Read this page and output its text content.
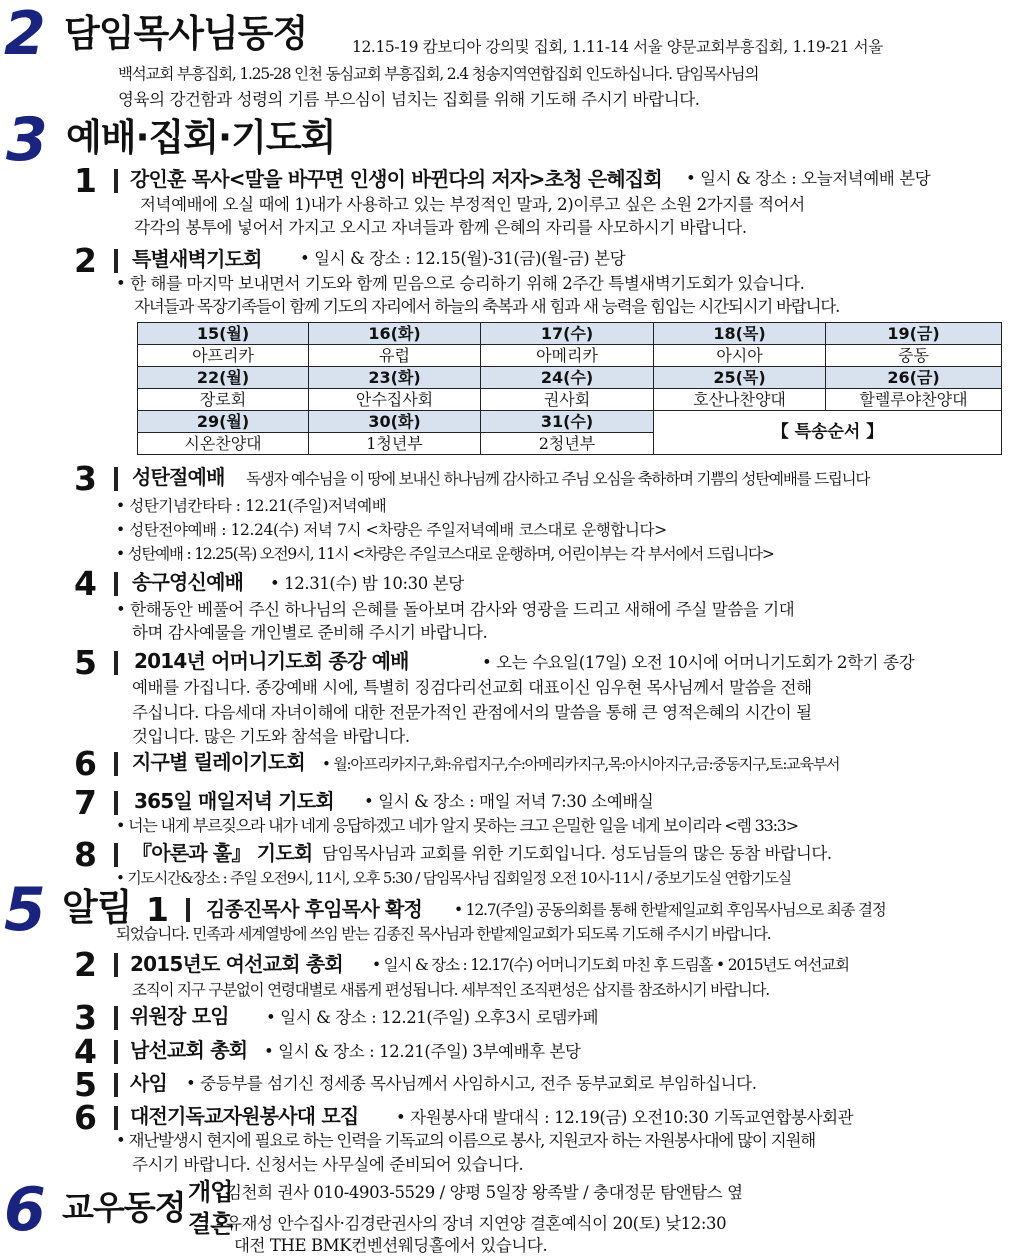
2 담임목사님동정	12.15-19 캄보디아 강의및 집회, 1.11-14 서울 양문교회부흥집회, 1.19-21 서울
백석교회 부흥집회, 1.25-28 인천 동심교회 부흥집회, 2.4 청송지역연합집회 인도하십니다. 담임목사님의
영육의 강건함과 성령의 기름 부으심이 넘치는 집회를 위해 기도해 주시기 바랍니다.
3 예배·집회·기도회
1 강인훈 목사<말을 바꾸면 인생이 바뀐다의 저자>초청 은혜집회 • 일시 & 장소 : 오늘저녁예배 본당
저녁예배에 오실 때에 1)내가 사용하고 있는 부정적인 말과, 2)이루고 싶은 소원 2가지를 적어서
각각의 봉투에 넣어서 가지고 오시고 자녀들과 함께 은혜의 자리를 사모하시기 바랍니다.
2 특별새벽기도회 • 일시 & 장소 : 12.15(월)-31(금)(월-금) 본당
• 한 해를 마지막 보내면서 기도와 함께 믿음으로 승리하기 위해 2주간 특별새벽기도회가 있습니다.
자녀들과 목장기족들이 함께 기도의 자리에서 하늘의 축복과 새 힘과 새 능력을 힘입는 시간되시기 바랍니다.
15(월)	16(화)	17(수)	18(목)	19(금)
아프리카	유럽	아메리카	아시아	중동
22(월)	23(화)	24(수)	25(목)	26(금)
장로회	안수집사회	권사회	호산나찬양대	할렐루야찬양대
29(월)	30(화)	31(수)	【 특송순서 】	
시온찬양대	1청년부	2청년부		
3 성탄절예배 독생자 예수님을 이 땅에 보내신 하나님께 감사하고 주님 오심을 축하하며 기쁨의 성탄예배를 드립니다
• 성탄기념칸타타 : 12.21(주일)저녁예배
• 성탄전야예배 : 12.24(수) 저녁 7시 <차량은 주일저녁예배 코스대로 운행합니다>
• 성탄예배 : 12.25(목) 오전9시, 11시 <차량은 주일코스대로 운행하며, 어린이부는 각 부서에서 드립니다>
4 송구영신예배 • 12.31(수) 밤 10:30 본당
• 한해동안 베풀어 주신 하나님의 은혜를 돌아보며 감사와 영광을 드리고 새해에 주실 말씀을 기대
하며 감사예물을 개인별로 준비해 주시기 바랍니다.
5 2014년 어머니기도회 종강 예배	• 오는 수요일(17일) 오전 10시에 어머니기도회가 2학기 종강
예배를 가집니다. 종강예배 시에, 특별히 징검다리선교회 대표이신 임우현 목사님께서 말씀을 전해
주십니다. 다음세대 자녀이해에 대한 전문가적인 관점에서의 말씀을 통해 큰 영적은혜의 시간이 될
것입니다. 많은 기도와 참석을 바랍니다.
6 지구별 릴레이기도회 • 월:아프리카지구,화:유럽지구,수:아메리카지구,목:아시아지구,금:중동지구,토:교육부서
7 365일 매일저녁 기도회 • 일시 & 장소 : 매일 저녁 7:30 소예배실
• 너는 내게 부르짖으라 내가 네게 응답하겠고 네가 알지 못하는 크고 은밀한 일을 네게 보이리라 <렘 33:3>
8 『아론과 훌』 기도회 담임목사님과 교회를 위한 기도회입니다. 성도님들의 많은 동참 바랍니다.
• 기도시간&장소 : 주일 오전9시, 11시, 오후 5:30 / 담임목사님 집회일정 오전 10시-11시 / 중보기도실 연합기도실
5 알림 1 김종진목사 후임목사 확정 • 12.7(주일) 공동의회를 통해 한밭제일교회 후임목사님으로 최종 결정
되었습니다. 민족과 세계열방에 쓰임 받는 김종진 목사님과 한밭제일교회가 되도록 기도해 주시기 바랍니다.
2 2015년도 여선교회 총회 • 일시 & 장소 : 12.17(수) 어머니기도회 마친 후 드림홀 • 2015년도 여선교회
조직이 지구 구분없이 연령대별로 새롭게 편성됩니다. 세부적인 조직편성은 삽지를 참조하시기 바랍니다.
3 위원장 모임 • 일시 & 장소 : 12.21(주일) 오후3시 로뎀카페
4 남선교회 총회 • 일시 & 장소 : 12.21(주일) 3부예배후 본당
5 사임 • 중등부를 섬기신 정세종 목사님께서 사임하시고, 전주 동부교회로 부임하십니다.
6 대전기독교자원봉사대 모집 • 자원봉사대 발대식 : 12.19(금) 오전10:30 기독교연합봉사회관
• 재난발생시 현지에 필요로 하는 인력을 기독교의 이름으로 봉사, 지원코자 하는 자원봉사대에 많이 지원해
주시기 바랍니다. 신청서는 사무실에 준비되어 있습니다.
6 교우동정 개업
- 김천희 권사 010-4903-5529 / 양평 5일장 왕족발 / 충대정문 탐앤탐스 옆
결혼
- 유재성 안수집사·김경란권사의 장녀 지연양 결혼예식이 20(토) 낮12:30
대전 THE BMK컨벤션웨딩홀에서 있습니다.
